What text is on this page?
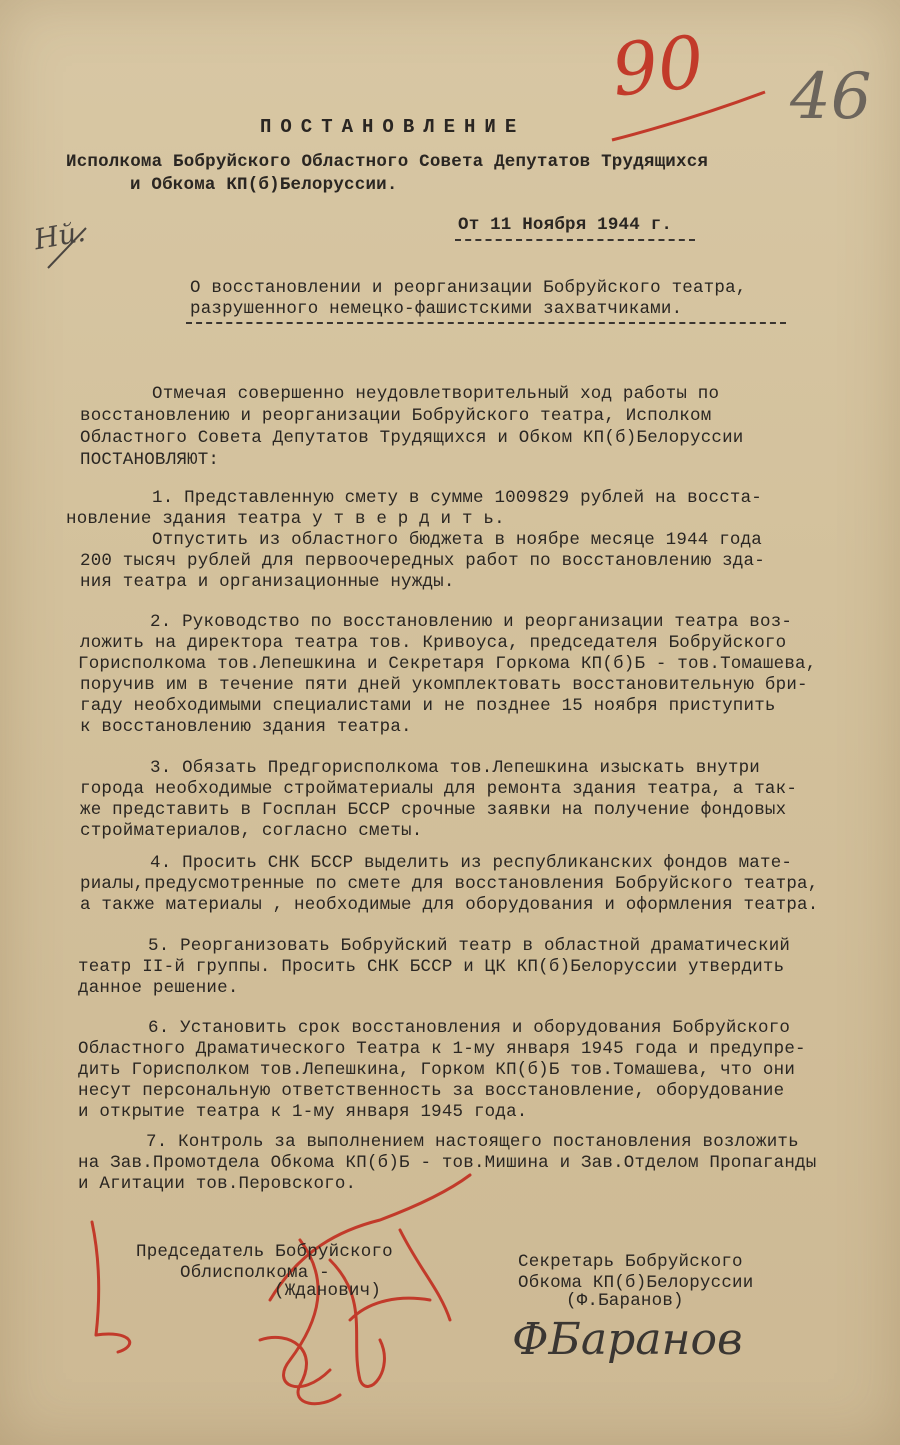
90 46
Hй.
ПОСТАНОВЛЕНИЕ
Исполкома Бобруйского Областного Совета Депутатов Трудящихся
и Обкома КП(б)Белоруссии.
От 11 Ноября 1944 г.
О восстановлении и реорганизации Бобруйского театра,
разрушенного немецко-фашистскими захватчиками.
Отмечая совершенно неудовлетворительный ход работы по
восстановлению и реорганизации Бобруйского театра, Исполком
Областного Совета Депутатов Трудящихся и Обком КП(б)Белоруссии
ПОСТАНОВЛЯЮТ:
1. Представленную смету в сумме 1009829 рублей на восста-
новление здания театра у т в е р д и т ь.
Отпустить из областного бюджета в ноябре месяце 1944 года
200 тысяч рублей для первоочередных работ по восстановлению зда-
ния театра и организационные нужды.
2. Руководство по восстановлению и реорганизации театра воз-
ложить на директора театра тов. Кривоуса, председателя Бобруйского
Горисполкома тов.Лепешкина и Секретаря Горкома КП(б)Б - тов.Томашева,
поручив им в течение пяти дней укомплектовать восстановительную бри-
гаду необходимыми специалистами и не позднее 15 ноября приступить
к восстановлению здания театра.
3. Обязать Предгорисполкома тов.Лепешкина изыскать внутри
города необходимые стройматериалы для ремонта здания театра, а так-
же представить в Госплан БССР срочные заявки на получение фондовых
стройматериалов, согласно сметы.
4. Просить СНК БССР выделить из республиканских фондов мате-
риалы,предусмотренные по смете для восстановления Бобруйского театра,
а также материалы , необходимые для оборудования и оформления театра.
5. Реорганизовать Бобруйский театр в областной драматический
театр II-й группы. Просить СНК БССР и ЦК КП(б)Белоруссии утвердить
данное решение.
6. Установить срок восстановления и оборудования Бобруйского
Областного Драматического Театра к 1-му января 1945 года и предупре-
дить Горисполком тов.Лепешкина, Горком КП(б)Б тов.Томашева, что они
несут персональную ответственность за восстановление, оборудование
и открытие театра к 1-му января 1945 года.
7. Контроль за выполнением настоящего постановления возложить
на Зав.Промотдела Обкома КП(б)Б - тов.Мишина и Зав.Отделом Пропаганды
и Агитации тов.Перовского.
Председатель Бобруйского
Облисполкома -
(Жданович)
Секретарь Бобруйского
Обкома КП(б)Белоруссии
(Ф.Баранов)
ФБаранов
